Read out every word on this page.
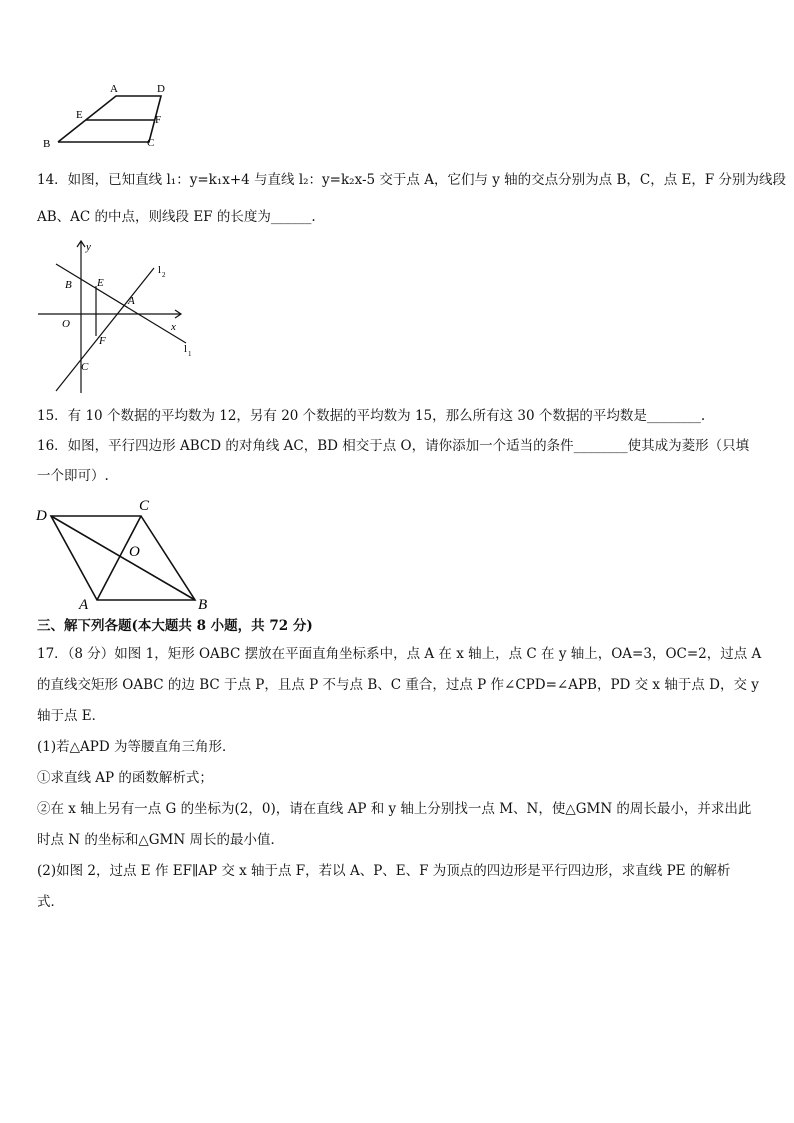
A	D
E	F
B	C
14．如图，已知直线 l₁：y=k₁x+4 与直线 l₂：y=k₂x-5 交于点 A，它们与 y 轴的交点分别为点 B，C，点 E，F 分别为线段
AB、AC 的中点，则线段 EF 的长度为______.
y
x
l 2
l 1
B E
A
O
F
C
15．有 10 个数据的平均数为 12，另有 20 个数据的平均数为 15，那么所有这 30 个数据的平均数是________.
16．如图，平行四边形 ABCD 的对角线 AC，BD 相交于点 O，请你添加一个适当的条件________使其成为菱形（只填
一个即可）.
D
C
O
A	B
三、解下列各题(本大题共 8 小题，共 72 分)
17．（8 分）如图 1，矩形 OABC 摆放在平面直角坐标系中，点 A 在 x 轴上，点 C 在 y 轴上，OA=3，OC=2，过点 A
的直线交矩形 OABC 的边 BC 于点 P，且点 P 不与点 B、C 重合，过点 P 作∠CPD=∠APB，PD 交 x 轴于点 D，交 y
轴于点 E．
(1)若△APD 为等腰直角三角形．
①求直线 AP 的函数解析式；
②在 x 轴上另有一点 G 的坐标为(2，0)，请在直线 AP 和 y 轴上分别找一点 M、N，使△GMN 的周长最小，并求出此
时点 N 的坐标和△GMN 周长的最小值．
(2)如图 2，过点 E 作 EF∥AP 交 x 轴于点 F，若以 A、P、E、F 为顶点的四边形是平行四边形，求直线 PE 的解析
式．
